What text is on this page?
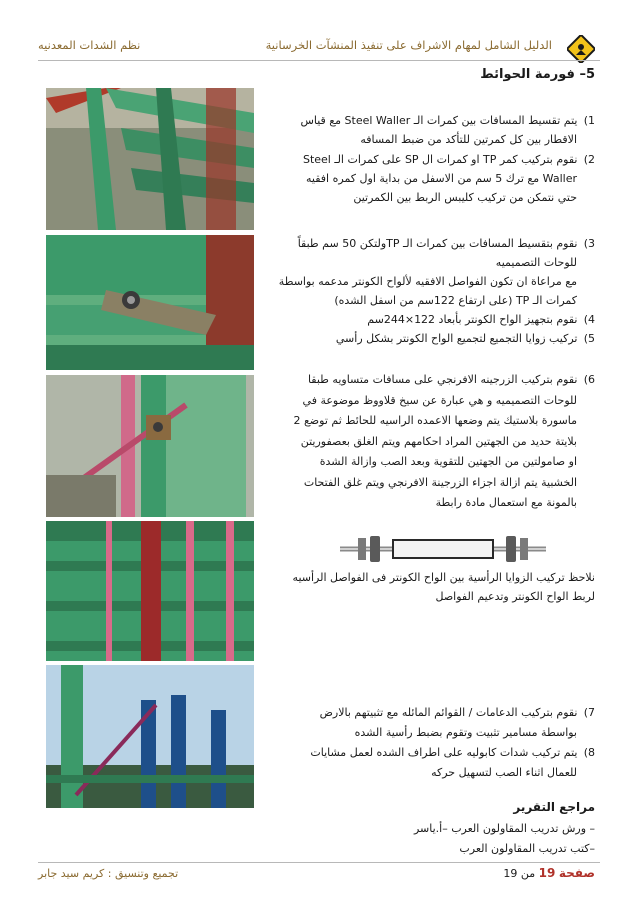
الدليل الشامل لمهام الاشراف على تنفيذ المنشآت الخرسانية
نظم الشدات المعدنيه
5– فورمة الحوائط
1) يتم تقسيط المسافات بين كمرات الـ Steel Waller مع قياس
الاقطار بين كل كمرتين للتأكد من ضبط المسافه
2) نقوم بتركيب كمر TP او كمرات ال SP على كمرات الـ Steel
Waller مع ترك 5 سم من الاسفل من بداية اول كمره افقيه
حتي نتمكن من تركيب كليبس الربط بين الكمرتين
3) نقوم بتقسيط المسافات بين كمرات الـ TPولتكن 50 سم طبقاً
للوحات التصميميه
مع مراعاة ان تكون الفواصل الافقيه لألواح الكونتر مدعمه بواسطة
كمرات الـ TP (على ارتفاع 122سم من اسفل الشده)
4) نقوم بتجهيز الواح الكونتر بأبعاد 122×244سم
5) تركيب زوايا التجميع لتجميع الواح الكونتر بشكل رأسي
6) نقوم بتركيب الزرجينه الافرنجي على مسافات متساويه طبقا
للوحات التصميميه و هي عبارة عن سيخ قلاووظ موضوعة في
ماسورة بلاستيك يتم وضعها الاعمده الراسيه للحائط ثم توضع 2
بلايتة حديد من الجهتين المراد احكامهم ويتم الغلق بعصفوريتن
او صامولتين من الجهتين للتقوية وبعد الصب وازالة الشدة
الخشبية يتم ازالة اجزاء الزرجينة الافرنجي ويتم غلق الفتحات
بالمونة مع استعمال مادة رابطة
نلاحظ تركيب الزوايا الرأسية بين الواح الكونتر فى الفواصل الرأسيه
لربط الواح الكونتر وتدعيم الفواصل
7) نقوم بتركيب الدعامات / القوائم المائله مع تثبيتهم بالارض
بواسطة مسامير تثبيت وتقوم بضبط رأسية الشده
8) يتم تركيب شدات كابوليه على اطراف الشده لعمل مشايات
للعمال اثناء الصب لتسهيل حركه
مراجع التقرير
– ورش تدريب المقاولون العرب –أ.ياسر
–كتب تدريب المقاولون العرب
صفحة 19 من 19
تجميع وتنسيق : كريم سيد جابر
